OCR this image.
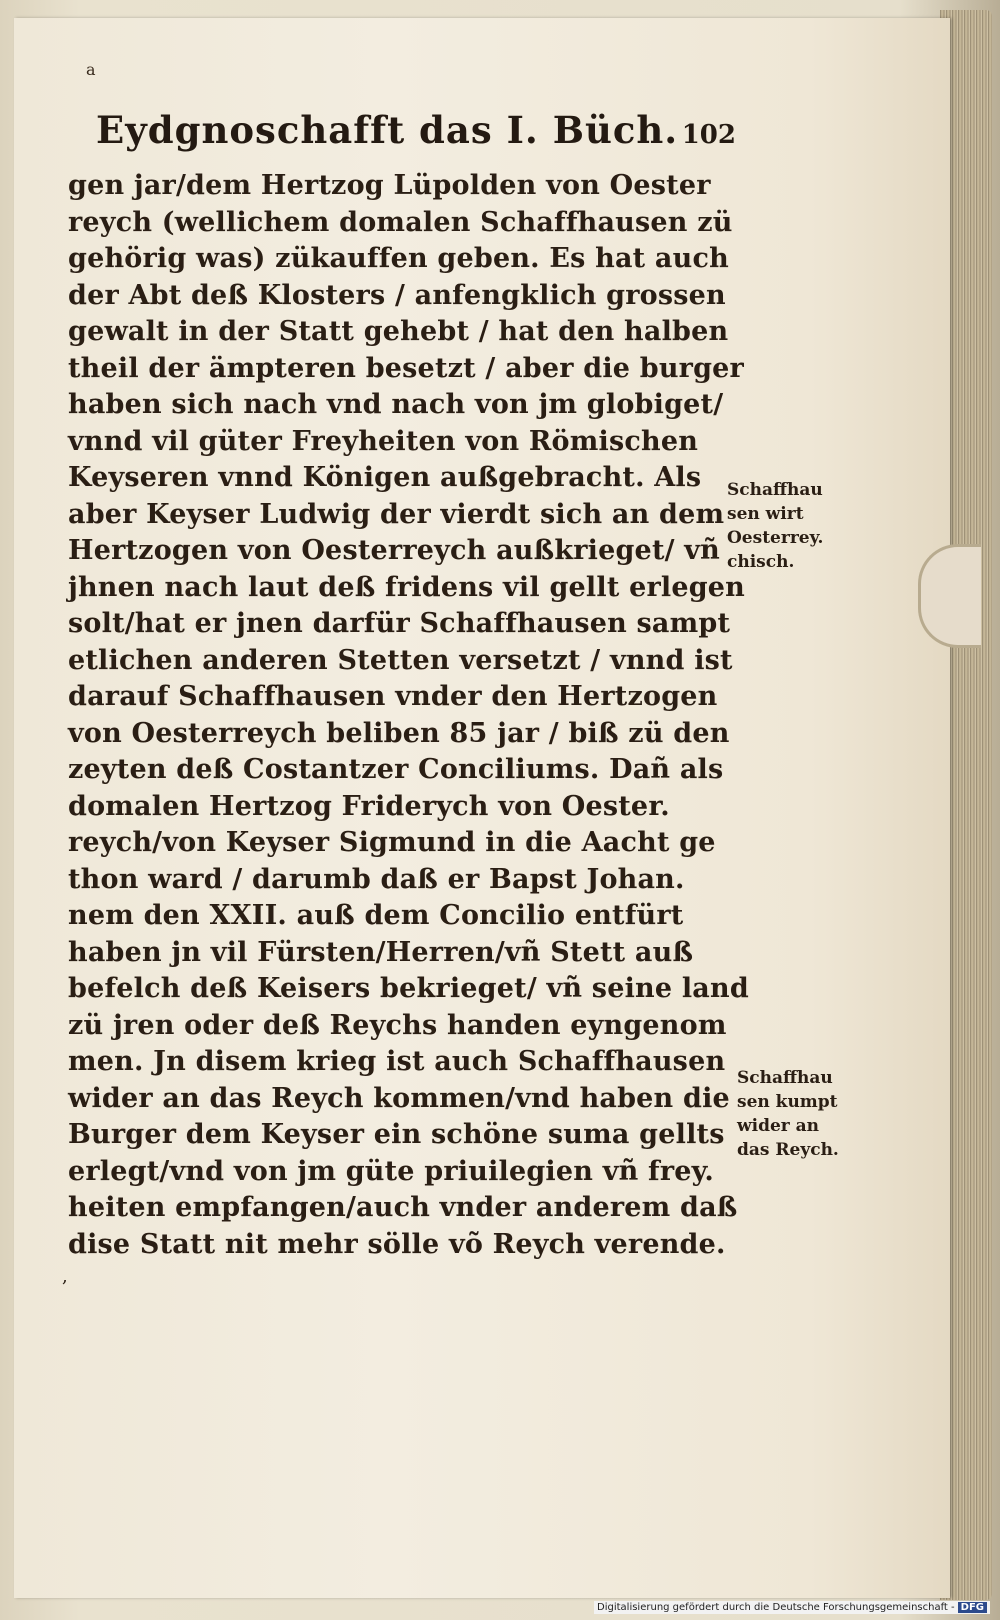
a
Eydgnoschafft das I. Büch. 102
gen jar/dem Hertzog Lüpolden von Oester
reych (wellichem domalen Schaffhausen zü
gehörig was) zükauffen geben. Es hat auch
der Abt deß Klosters / anfengklich grossen
gewalt in der Statt gehebt / hat den halben
theil der ämpteren besetzt / aber die burger
haben sich nach vnd nach von jm globiget/
vnnd vil güter Freyheiten von Römischen
Keyseren vnnd Königen außgebracht. Als
aber Keyser Ludwig der vierdt sich an dem
Hertzogen von Oesterreych außkrieget/ vñ
jhnen nach laut deß fridens vil gellt erlegen
solt/hat er jnen darfür Schaffhausen sampt
etlichen anderen Stetten versetzt / vnnd ist
darauf Schaffhausen vnder den Hertzogen
von Oesterreych beliben 85 jar / biß zü den
zeyten deß Costantzer Conciliums. Dañ als
domalen Hertzog Friderych von Oester.
reych/von Keyser Sigmund in die Aacht ge
thon ward / darumb daß er Bapst Johan.
nem den XXII. auß dem Concilio entfürt
haben jn vil Fürsten/Herren/vñ Stett auß
befelch deß Keisers bekrieget/ vñ seine land
zü jren oder deß Reychs handen eyngenom
men. Jn disem krieg ist auch Schaffhausen
wider an das Reych kommen/vnd haben die
Burger dem Keyser ein schöne suma gellts
erlegt/vnd von jm güte priuilegien vñ frey.
heiten empfangen/auch vnder anderem daß
dise Statt nit mehr sölle võ Reych verende.
Schaffhau
sen wirt
Oesterrey.
chisch.
Schaffhau
sen kumpt
wider an
das Reych.
,
Digitalisierung gefördert durch die Deutsche Forschungsgemeinschaft - DFG
